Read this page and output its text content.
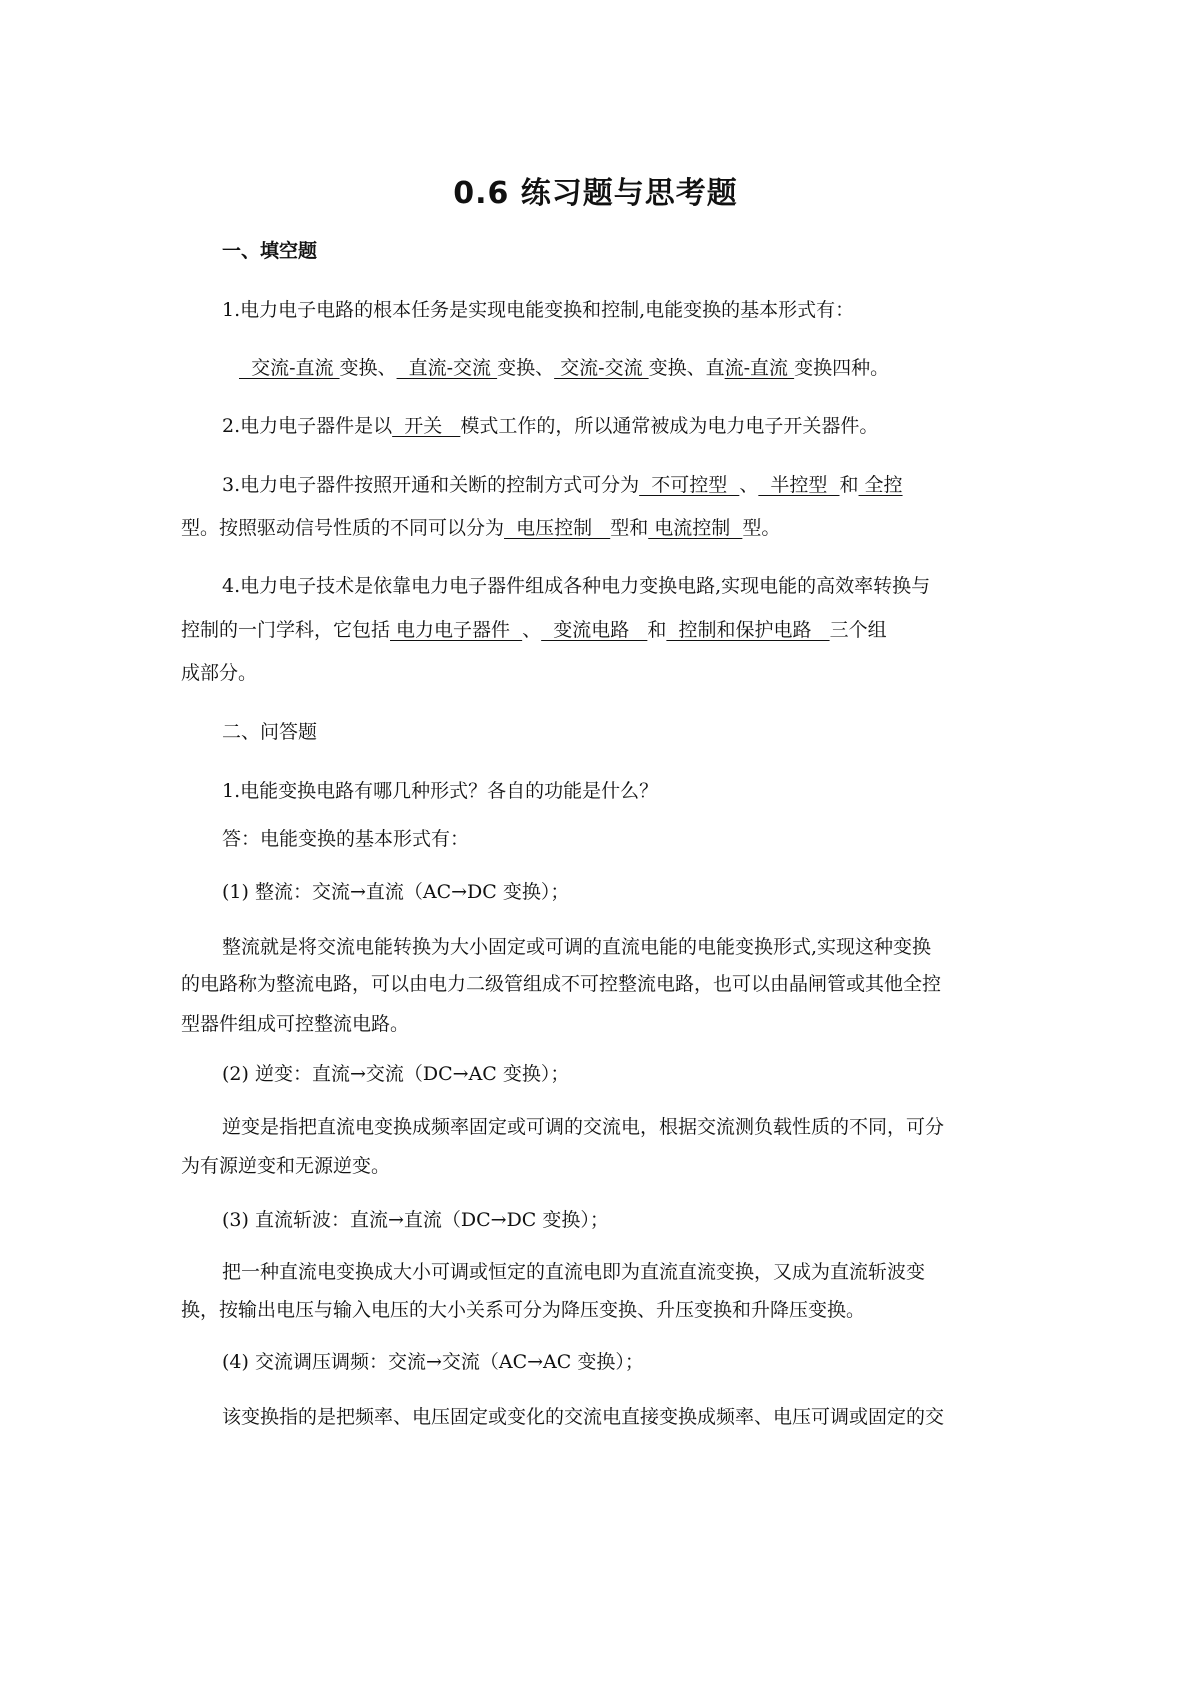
0.6 练习题与思考题
一、填空题
1.电力电子电路的根本任务是实现电能变换和控制,电能变换的基本形式有：
交流-直流 变换、  直流-交流 变换、 交流-交流 变换、直流-直流 变换四种。
2.电力电子器件是以  开关   模式工作的，所以通常被成为电力电子开关器件。
3.电力电子器件按照开通和关断的控制方式可分为  不可控型  、  半控型  和 全控
型。按照驱动信号性质的不同可以分为  电压控制   型和 电流控制  型。
4.电力电子技术是依靠电力电子器件组成各种电力变换电路,实现电能的高效率转换与
控制的一门学科，它包括 电力电子器件  、  变流电路   和  控制和保护电路   三个组
成部分。
二、问答题
1.电能变换电路有哪几种形式？各自的功能是什么？
答：电能变换的基本形式有：
(1) 整流：交流→直流（AC→DC 变换）；
整流就是将交流电能转换为大小固定或可调的直流电能的电能变换形式,实现这种变换
的电路称为整流电路，可以由电力二级管组成不可控整流电路，也可以由晶闸管或其他全控
型器件组成可控整流电路。
(2) 逆变：直流→交流（DC→AC 变换）；
逆变是指把直流电变换成频率固定或可调的交流电，根据交流测负载性质的不同，可分
为有源逆变和无源逆变。
(3) 直流斩波：直流→直流（DC→DC 变换）；
把一种直流电变换成大小可调或恒定的直流电即为直流直流变换，又成为直流斩波变
换，按输出电压与输入电压的大小关系可分为降压变换、升压变换和升降压变换。
(4) 交流调压调频：交流→交流（AC→AC 变换）；
该变换指的是把频率、电压固定或变化的交流电直接变换成频率、电压可调或固定的交
